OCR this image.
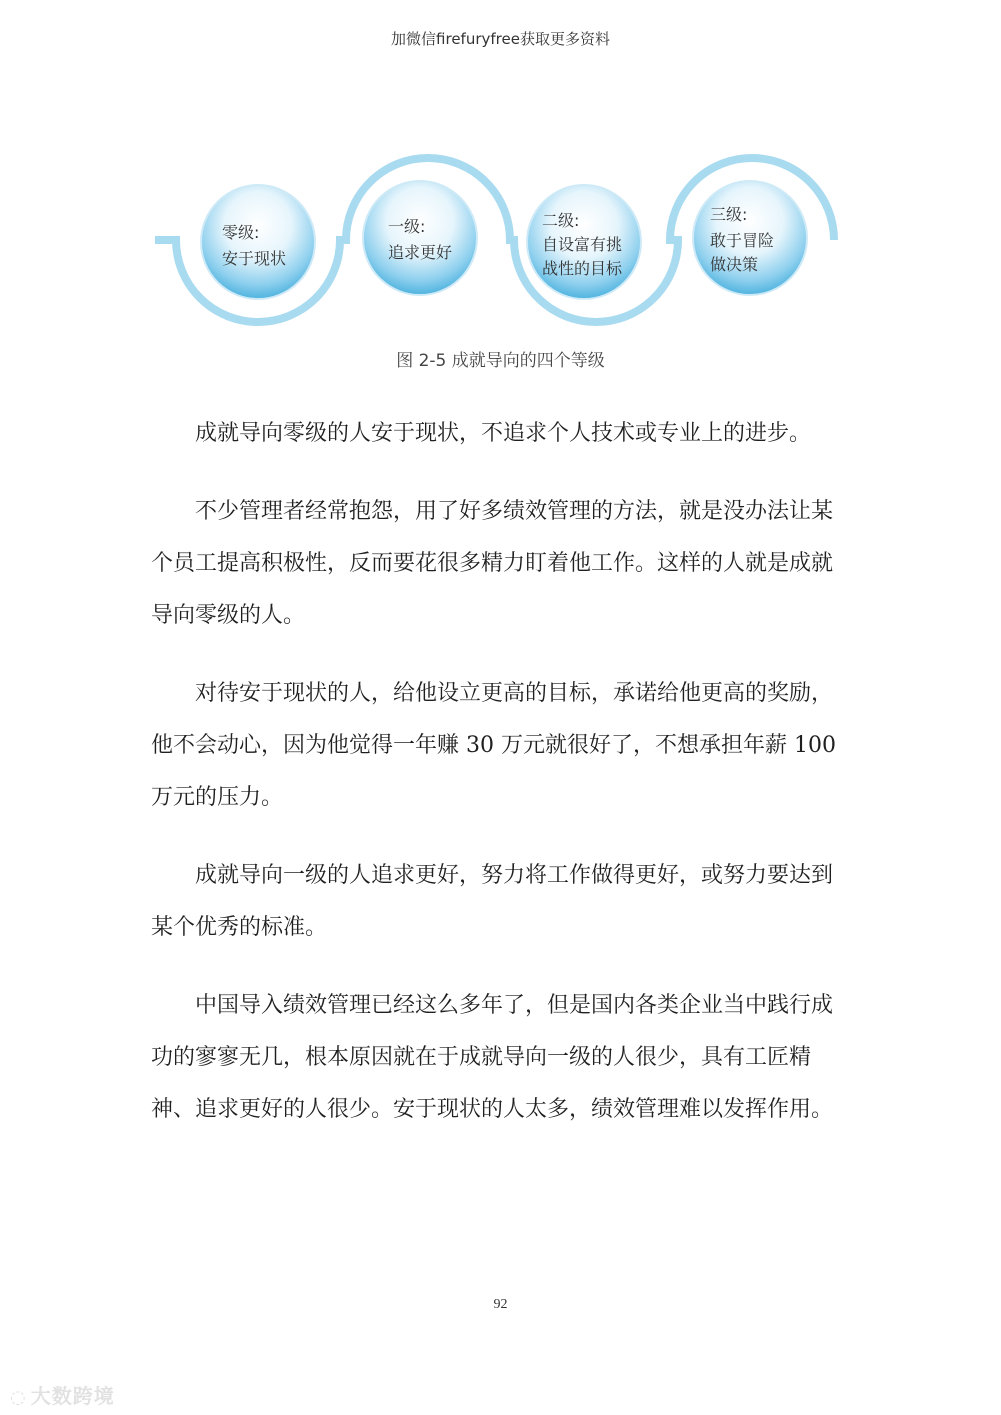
加微信firefuryfree获取更多资料
零级:
安于现状
一级:
追求更好
二级:
自设富有挑
战性的目标
三级:
敢于冒险
做决策
图 2-5 成就导向的四个等级

成就导向零级的人安于现状，不追求个人技术或专业上的进步。

不少管理者经常抱怨，用了好多绩效管理的方法，就是没办法让某个员工提高积极性，反而要花很多精力盯着他工作。这样的人就是成就导向零级的人。

对待安于现状的人，给他设立更高的目标，承诺给他更高的奖励，他不会动心，因为他觉得一年赚 30 万元就很好了，不想承担年薪 100 万元的压力。

成就导向一级的人追求更好，努力将工作做得更好，或努力要达到某个优秀的标准。

中国导入绩效管理已经这么多年了，但是国内各类企业当中践行成功的寥寥无几，根本原因就在于成就导向一级的人很少，具有工匠精神、追求更好的人很少。安于现状的人太多，绩效管理难以发挥作用。

92
◌ 大数跨境
